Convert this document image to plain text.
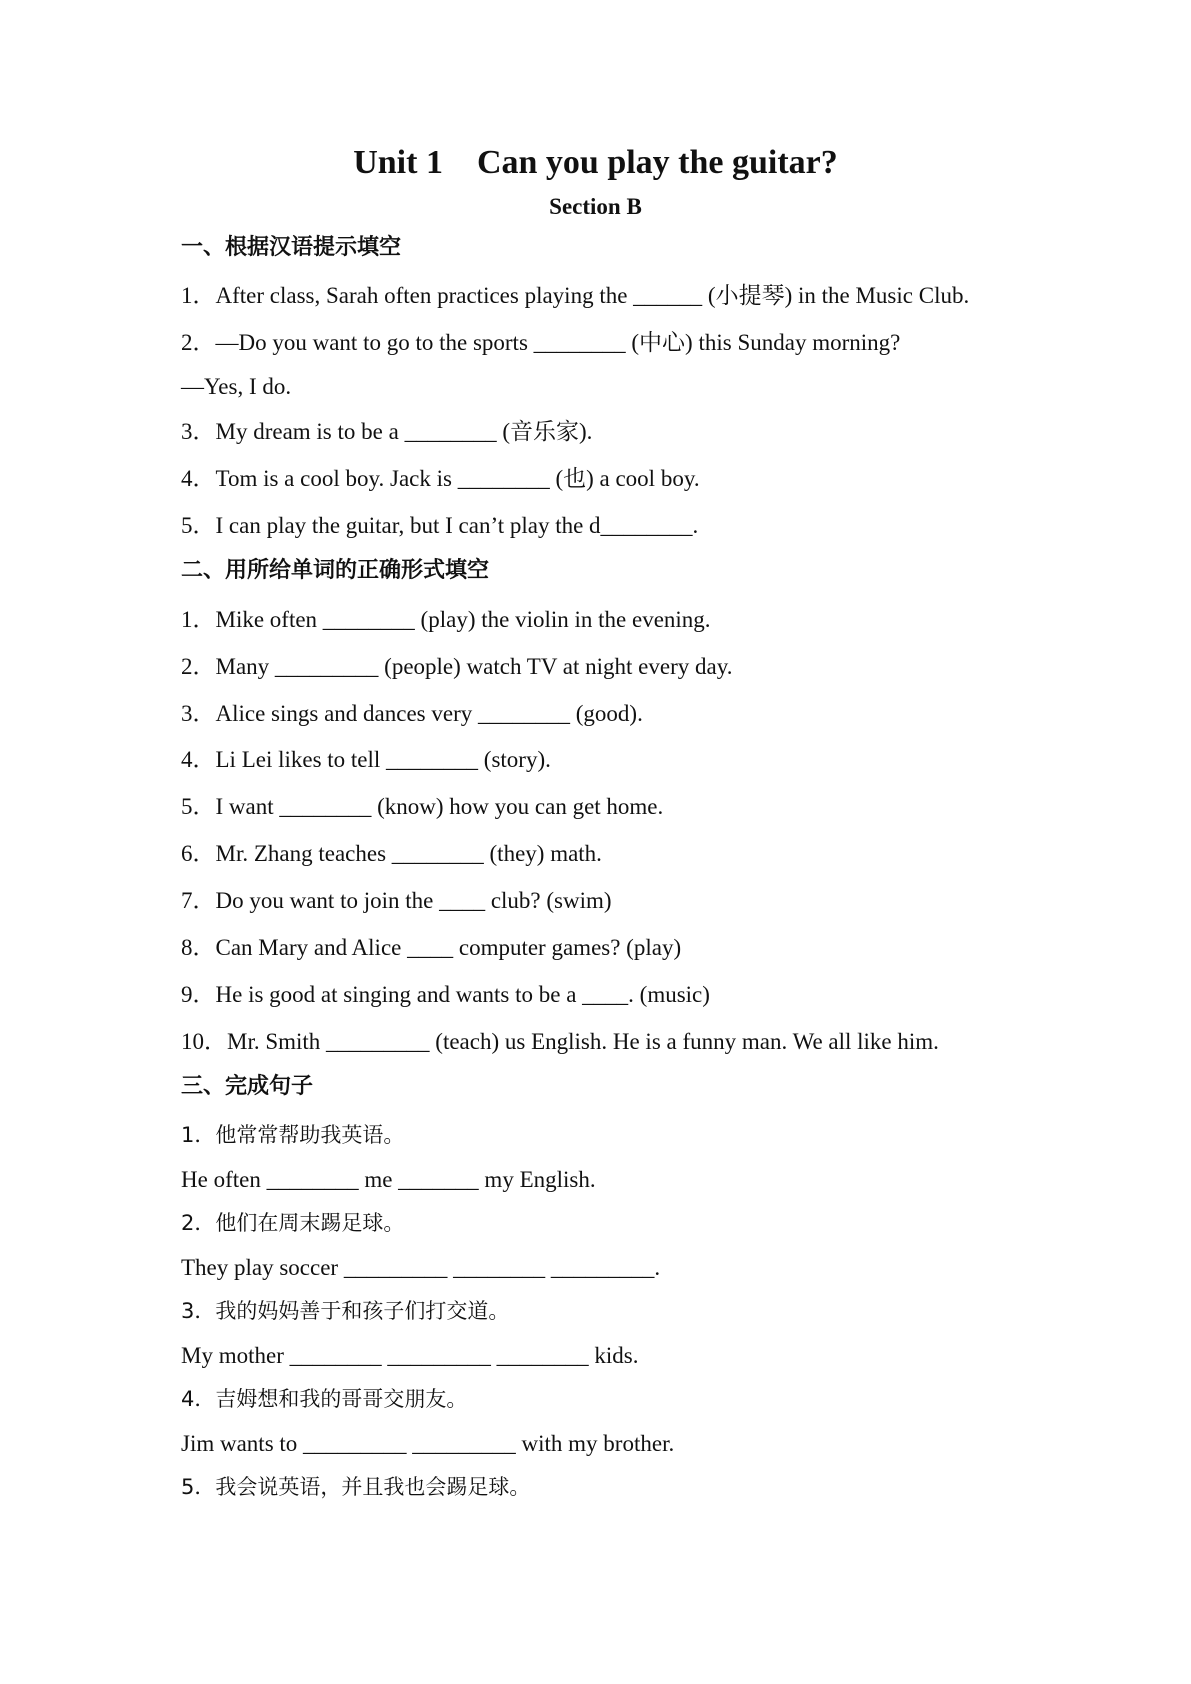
Unit 1    Can you play the guitar?
Section B
一、根据汉语提示填空
1．After class, Sarah often practices playing the ______ (小提琴) in the Music Club.
2．—Do you want to go to the sports ________ (中心) this Sunday morning?
—Yes, I do.
3．My dream is to be a ________ (音乐家).
4．Tom is a cool boy. Jack is ________ (也) a cool boy.
5．I can play the guitar, but I can’t play the d________.
二、用所给单词的正确形式填空
1．Mike often ________ (play) the violin in the evening.
2．Many _________ (people) watch TV at night every day.
3．Alice sings and dances very ________ (good).
4．Li Lei likes to tell ________ (story).
5．I want ________ (know) how you can get home.
6．Mr. Zhang teaches ________ (they) math.
7．Do you want to join the ____ club? (swim)
8．Can Mary and Alice ____ computer games? (play)
9．He is good at singing and wants to be a ____. (music)
10．Mr. Smith _________ (teach) us English. He is a funny man. We all like him.
三、完成句子
1．他常常帮助我英语。
He often ________ me _______ my English.
2．他们在周末踢足球。
They play soccer _________ ________ _________.
3．我的妈妈善于和孩子们打交道。
My mother ________ _________ ________ kids.
4．吉姆想和我的哥哥交朋友。
Jim wants to _________ _________ with my brother.
5．我会说英语，并且我也会踢足球。
